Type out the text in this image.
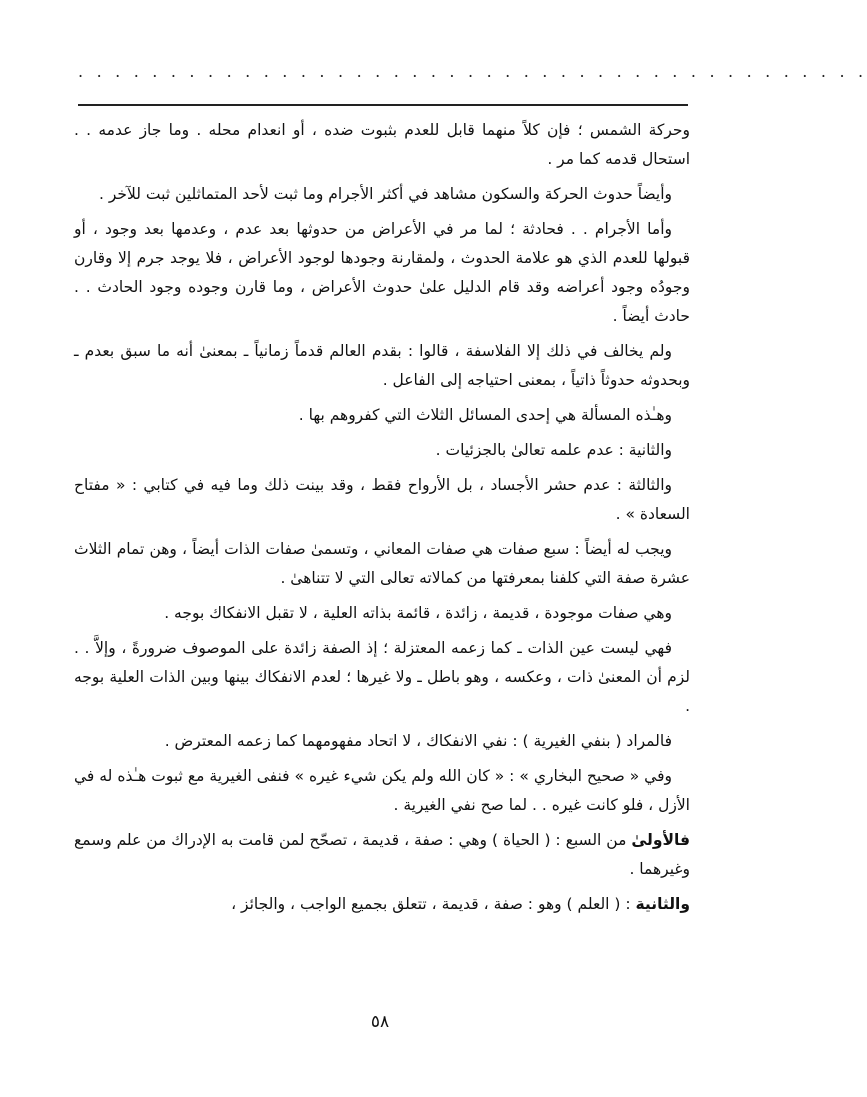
. . . . . . . . . . . . . . . . . . . . . . . . . . . . . . . . . . . . . . . . . . .

وحركة الشمس ؛ فإن كلاً منهما قابل للعدم بثبوت ضده ، أو انعدام محله . وما جاز عدمه . . استحال قدمه كما مر .

وأيضاً حدوث الحركة والسكون مشاهد في أكثر الأجرام وما ثبت لأحد المتماثلين ثبت للآخر .

وأما الأجرام . . فحادثة ؛ لما مر في الأعراض من حدوثها بعد عدم ، وعدمها بعد وجود ، أو قبولها للعدم الذي هو علامة الحدوث ، ولمقارنة وجودها لوجود الأعراض ، فلا يوجد جرم إلا وقارن وجودُه وجود أعراضه وقد قام الدليل علىٰ حدوث الأعراض ، وما قارن وجوده وجود الحادث . . حادث أيضاً .

ولم يخالف في ذلك إلا الفلاسفة ، قالوا : بقدم العالم قدماً زمانياً ـ بمعنىٰ أنه ما سبق بعدم ـ وبحدوثه حدوثاً ذاتياً ، بمعنى احتياجه إلى الفاعل .

وهـٰذه المسألة هي إحدى المسائل الثلاث التي كفروهم بها .

والثانية : عدم علمه تعالىٰ بالجزئيات .

والثالثة : عدم حشر الأجساد ، بل الأرواح فقط ، وقد بينت ذلك وما فيه في كتابي : « مفتاح السعادة » .

ويجب له أيضاً : سبع صفات هي صفات المعاني ، وتسمىٰ صفات الذات أيضاً ، وهن تمام الثلاث عشرة صفة التي كلفنا بمعرفتها من كمالاته تعالى التي لا تتناهىٰ .

وهي صفات موجودة ، قديمة ، زائدة ، قائمة بذاته العلية ، لا تقبل الانفكاك بوجه .

فهي ليست عين الذات ـ كما زعمه المعتزلة ؛ إذ الصفة زائدة على الموصوف ضرورةً ، وإلاَّ . . لزم أن المعنىٰ ذات ، وعكسه ، وهو باطل ـ ولا غيرها ؛ لعدم الانفكاك بينها وبين الذات العلية بوجه .

فالمراد ( بنفي الغيرية ) : نفي الانفكاك ، لا اتحاد مفهومهما كما زعمه المعترض .

وفي « صحيح البخاري » : « كان الله ولم يكن شيء غيره » فنفى الغيرية مع ثبوت هـٰذه له في الأزل ، فلو كانت غيره . . لما صح نفي الغيرية .

فالأولىٰ من السبع : ( الحياة ) وهي : صفة ، قديمة ، تصحّح لمن قامت به الإدراك من علم وسمع وغيرهما .

والثانية : ( العلم ) وهو : صفة ، قديمة ، تتعلق بجميع الواجب ، والجائز ،

٥٨
